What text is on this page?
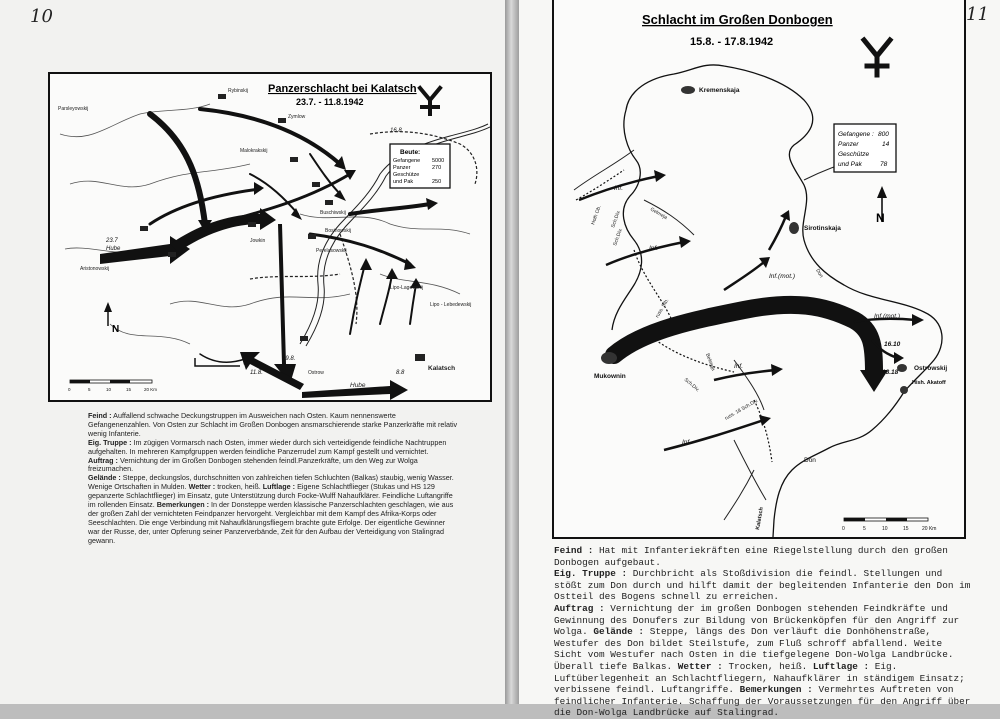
10	11
Panzerschlacht bei Kalatsch
23.7. - 11.8.1942
Beute:
Gefangene 5000
Panzer	270
Geschütze
und Pak	250
Rybinskij
Zymlow
Malokrakskij
Parsleyowskij
Kalatsch
Buschiwskij
Bosinowskij
Lipo-Lagowskij
Lipo - Lebedewskij
Hube
Ostrow
Aristonowskij
Perelasowskij
Jowkin
23.7
Hube
16.8
11.8.	8.8
19.8.
N
0	5	10	15	20 Km
Feind : Auffallend schwache Deckungstruppen im Ausweichen nach Osten. Kaum nennenswerte Gefangenenzahlen. Von Osten zur Schlacht im Großen Donbogen ansmarschierende starke Panzerkräfte mit relativ wenig Infanterie.
Eig. Truppe : Im zügigen Vormarsch nach Osten, immer wieder durch sich verteidigende feindliche Nachtruppen aufgehalten. In mehreren Kampfgruppen werden feindliche Panzerrudel zum Kampf gestellt und vernichtet.
Auftrag : Vernichtung der im Großen Donbogen stehenden feindl.Panzerkräfte, um den Weg zur Wolga freizumachen.
Gelände : Steppe, deckungslos, durchschnitten von zahlreichen tiefen Schluchten (Balkas) staubig, wenig Wasser. Wenige Ortschaften in Mulden. Wetter : trocken, heiß. Luftlage : Eigene Schlachtflieger (Stukas und HS 129 gepanzerte Schlachtflieger) im Einsatz, gute Unterstützung durch Focke-Wulff Nahaufklärer. Feindliche Luftangriffe im rollenden Einsatz. Bemerkungen : In der Donsteppe werden klassische Panzerschlachten geschlagen, wie aus der großen Zahl der vernichteten Feindpanzer hervorgeht. Vergleichbar mit dem Kampf des Afrika-Korps oder Seeschlachten. Die enge Verbindung mit Nahaufklärungsfliegern brachte gute Erfolge. Der eigentliche Gewinner war der Russe, der, unter Opferung seiner Panzerverbände, Zeit für den Aufbau der Verteidigung von Stalingrad gewann.
Schlacht im Großen Donbogen
15.8. - 17.8.1942
Gefangene : 800
Panzer	14
Geschütze
und Pak	78
N
Kremenskaja
Sirotinskaja
Mukownin
Ostrowskij
Hish. Akatoff
Kalatsch
Don
Inf.
Inf.
Inf.(mot.)
Inf.(mot.)
Inf.
Inf.
16.10
18.18
Hoth Ob.
Sch.Div.
russ. Stb.
Sch.Div.
russ. 18 Sch.Div.
Sch.Div.	Gelmeja
Beleteja
Don
0	5	10	15	20 Km
Feind : Hat mit Infanteriekräften eine Riegelstellung durch den großen Donbogen aufgebaut.
Eig. Truppe : Durchbricht als Stoßdivision die feindl. Stellungen und stößt zum Don durch und hilft damit der begleitenden Infanterie den Don im Ostteil des Bogens schnell zu erreichen.
Auftrag : Vernichtung der im großen Donbogen stehenden Feindkräfte und Gewinnung des Donufers zur Bildung von Brückenköpfen für den Angriff zur Wolga. Gelände : Steppe, längs des Don verläuft die Donhöhenstraße, Westufer des Don bildet Steilstufe, zum Fluß schroff abfallend. Weite Sicht vom Westufer nach Osten in die tiefgelegene Don-Wolga Landbrücke. Überall tiefe Balkas. Wetter : Trocken, heiß. Luftlage : Eig. Luftüberlegenheit an Schlachtfliegern, Nahaufklärer in ständigem Einsatz; verbissene feindl. Luftangriffe. Bemerkungen : Vermehrtes Auftreten von feindlicher Infanterie. Schaffung der Voraussetzungen für den Angriff über die Don-Wolga Landbrücke auf Stalingrad.
